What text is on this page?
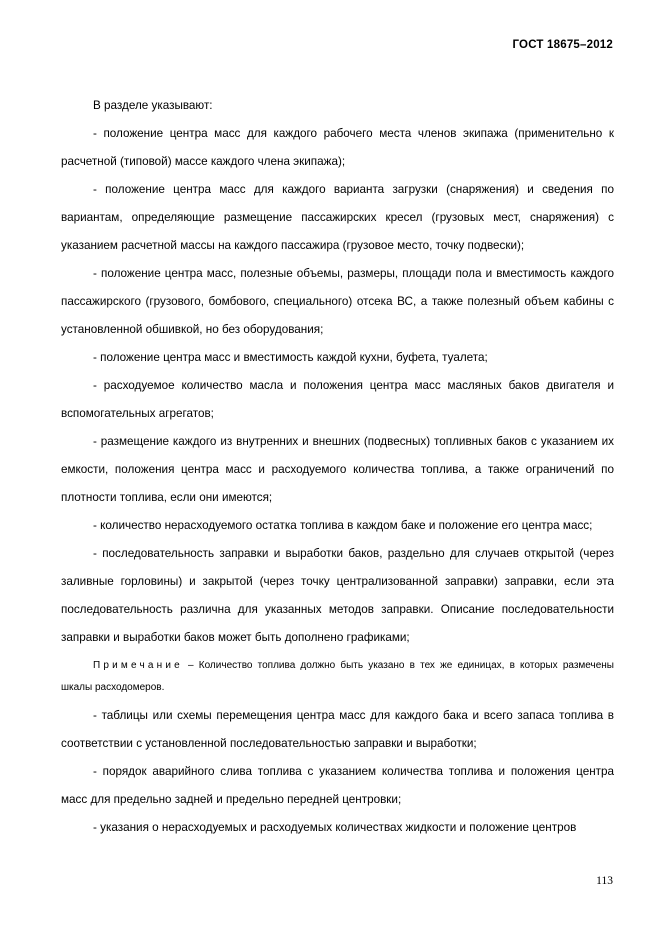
ГОСТ 18675–2012

В разделе указывают:

- положение центра масс для каждого рабочего места членов экипажа (применительно к расчетной (типовой) массе каждого члена экипажа);

- положение центра масс для каждого варианта загрузки (снаряжения) и сведения по вариантам, определяющие размещение пассажирских кресел (грузовых мест, снаряжения) с указанием расчетной массы на каждого пассажира (грузовое место, точку подвески);

- положение центра масс, полезные объемы, размеры, площади пола и вместимость каждого пассажирского (грузового, бомбового, специального) отсека ВС, а также полезный объем кабины с установленной обшивкой, но без оборудования;

- положение центра масс и вместимость каждой кухни, буфета, туалета;

- расходуемое количество масла и положения центра масс масляных баков двигателя и вспомогательных агрегатов;

- размещение каждого из внутренних и внешних (подвесных) топливных баков с указанием их емкости, положения центра масс и расходуемого количества топлива, а также ограничений по плотности топлива, если они имеются;

- количество нерасходуемого остатка топлива в каждом баке и положение его центра масс;

- последовательность заправки и выработки баков, раздельно для случаев открытой (через заливные горловины) и закрытой (через точку централизованной заправки) заправки, если эта последовательность различна для указанных методов заправки. Описание последовательности заправки и выработки баков может быть дополнено графиками;

Примечание – Количество топлива должно быть указано в тех же единицах, в которых размечены шкалы расходомеров.

- таблицы или схемы перемещения центра масс для каждого бака и всего запаса топлива в соответствии с установленной последовательностью заправки и выработки;

- порядок аварийного слива топлива с указанием количества топлива и положения центра масс для предельно задней и предельно передней центровки;

- указания о нерасходуемых и расходуемых количествах жидкости и положение центров

113
